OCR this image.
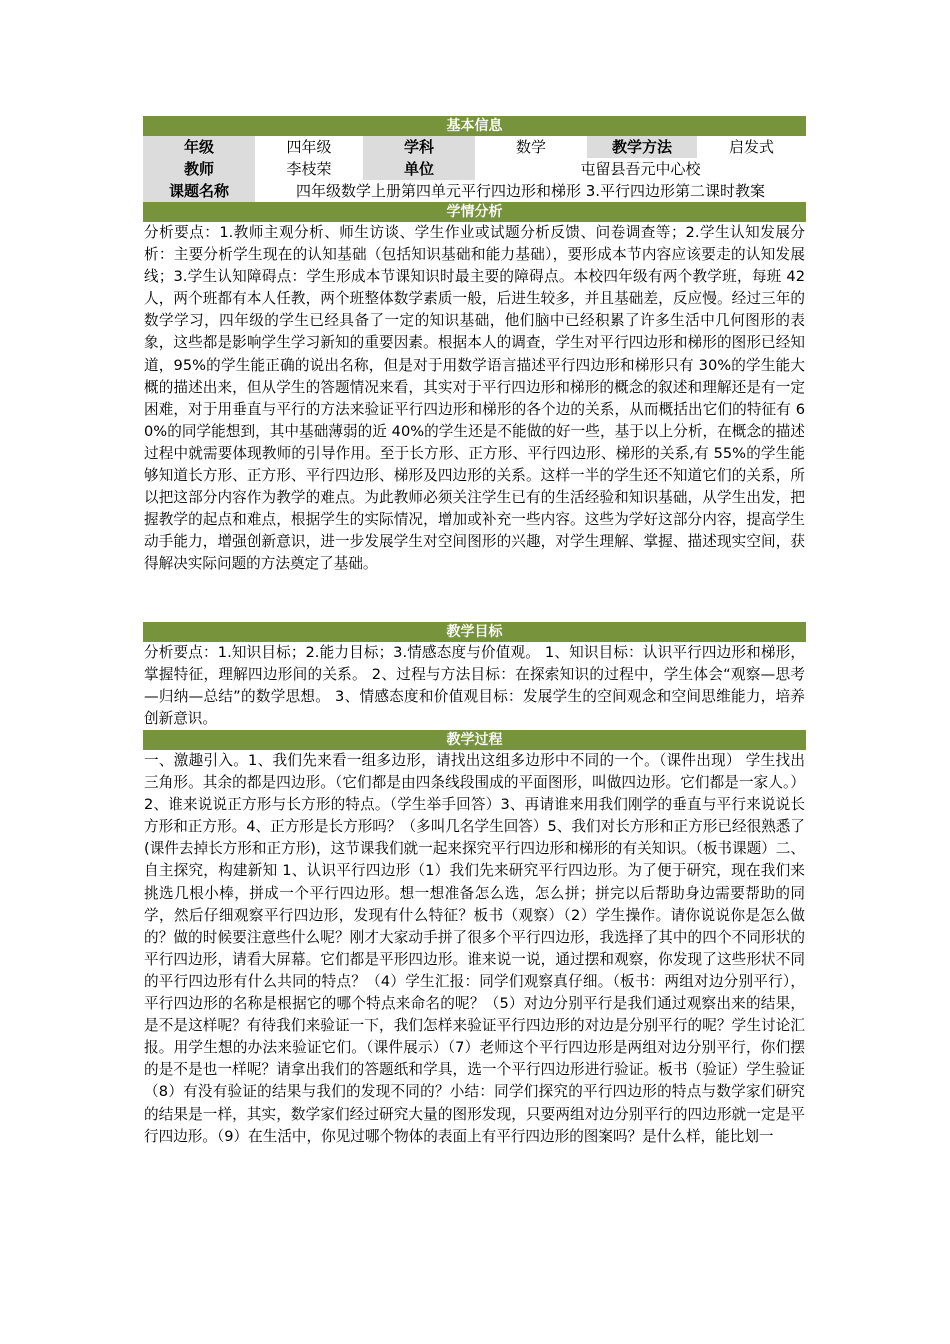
基本信息
年级	四年级	学科	数学	教学方法	启发式
教师	李枝荣	单位	屯留县吾元中心校
课题名称	四年级数学上册第四单元平行四边形和梯形 3.平行四边形第二课时教案
学情分析
分析要点：1.教师主观分析、师生访谈、学生作业或试题分析反馈、问卷调查等；2.学生认知发展分析：主要分析学生现在的认知基础（包括知识基础和能力基础），要形成本节内容应该要走的认知发展线；3.学生认知障碍点：学生形成本节课知识时最主要的障碍点。本校四年级有两个教学班，每班 42 人，两个班都有本人任教，两个班整体数学素质一般，后进生较多，并且基础差，反应慢。经过三年的数学学习，四年级的学生已经具备了一定的知识基础，他们脑中已经积累了许多生活中几何图形的表象，这些都是影响学生学习新知的重要因素。根据本人的调查，学生对平行四边形和梯形的图形已经知道，95%的学生能正确的说出名称，但是对于用数学语言描述平行四边形和梯形只有 30%的学生能大概的描述出来，但从学生的答题情况来看，其实对于平行四边形和梯形的概念的叙述和理解还是有一定困难，对于用垂直与平行的方法来验证平行四边形和梯形的各个边的关系，从而概括出它们的特征有 60%的同学能想到，其中基础薄弱的近 40%的学生还是不能做的好一些，基于以上分析，在概念的描述过程中就需要体现教师的引导作用。至于长方形、正方形、平行四边形、梯形的关系,有 55%的学生能够知道长方形、正方形、平行四边形、梯形及四边形的关系。这样一半的学生还不知道它们的关系，所以把这部分内容作为教学的难点。为此教师必须关注学生已有的生活经验和知识基础，从学生出发，把握教学的起点和难点，根据学生的实际情况，增加或补充一些内容。这些为学好这部分内容，提高学生动手能力，增强创新意识，进一步发展学生对空间图形的兴趣，对学生理解、掌握、描述现实空间，获得解决实际问题的方法奠定了基础。
教学目标
分析要点：1.知识目标；2.能力目标；3.情感态度与价值观。 1、知识目标：认识平行四边形和梯形，掌握特征，理解四边形间的关系。 2、过程与方法目标：在探索知识的过程中，学生体会“观察—思考—归纳—总结”的数学思想。 3、情感态度和价值观目标：发展学生的空间观念和空间思维能力，培养创新意识。
教学过程
一、激趣引入。1、我们先来看一组多边形，请找出这组多边形中不同的一个。（课件出现） 学生找出三角形。其余的都是四边形。（它们都是由四条线段围成的平面图形，叫做四边形。它们都是一家人。）2、谁来说说正方形与长方形的特点。（学生举手回答）3、再请谁来用我们刚学的垂直与平行来说说长方形和正方形。4、正方形是长方形吗？（多叫几名学生回答）5、我们对长方形和正方形已经很熟悉了(课件去掉长方形和正方形)，这节课我们就一起来探究平行四边形和梯形的有关知识。（板书课题）二、自主探究，构建新知 1、认识平行四边形（1）我们先来研究平行四边形。为了便于研究，现在我们来挑选几根小棒，拼成一个平行四边形。想一想准备怎么选，怎么拼；拼完以后帮助身边需要帮助的同学，然后仔细观察平行四边形，发现有什么特征？板书（观察）（2）学生操作。请你说说你是怎么做的？做的时候要注意些什么呢？刚才大家动手拼了很多个平行四边形，我选择了其中的四个不同形状的平行四边形，请看大屏幕。它们都是平形四边形。谁来说一说，通过摆和观察，你发现了这些形状不同的平行四边形有什么共同的特点？（4）学生汇报：同学们观察真仔细。（板书：两组对边分别平行），平行四边形的名称是根据它的哪个特点来命名的呢？（5）对边分别平行是我们通过观察出来的结果，是不是这样呢？有待我们来验证一下，我们怎样来验证平行四边形的对边是分别平行的呢？学生讨论汇报。用学生想的办法来验证它们。（课件展示）（7）老师这个平行四边形是两组对边分别平行，你们摆的是不是也一样呢？请拿出我们的答题纸和学具，选一个平行四边形进行验证。板书（验证）学生验证（8）有没有验证的结果与我们的发现不同的？小结：同学们探究的平行四边形的特点与数学家们研究的结果是一样，其实，数学家们经过研究大量的图形发现，只要两组对边分别平行的四边形就一定是平行四边形。（9）在生活中，你见过哪个物体的表面上有平行四边形的图案吗？是什么样，能比划一
